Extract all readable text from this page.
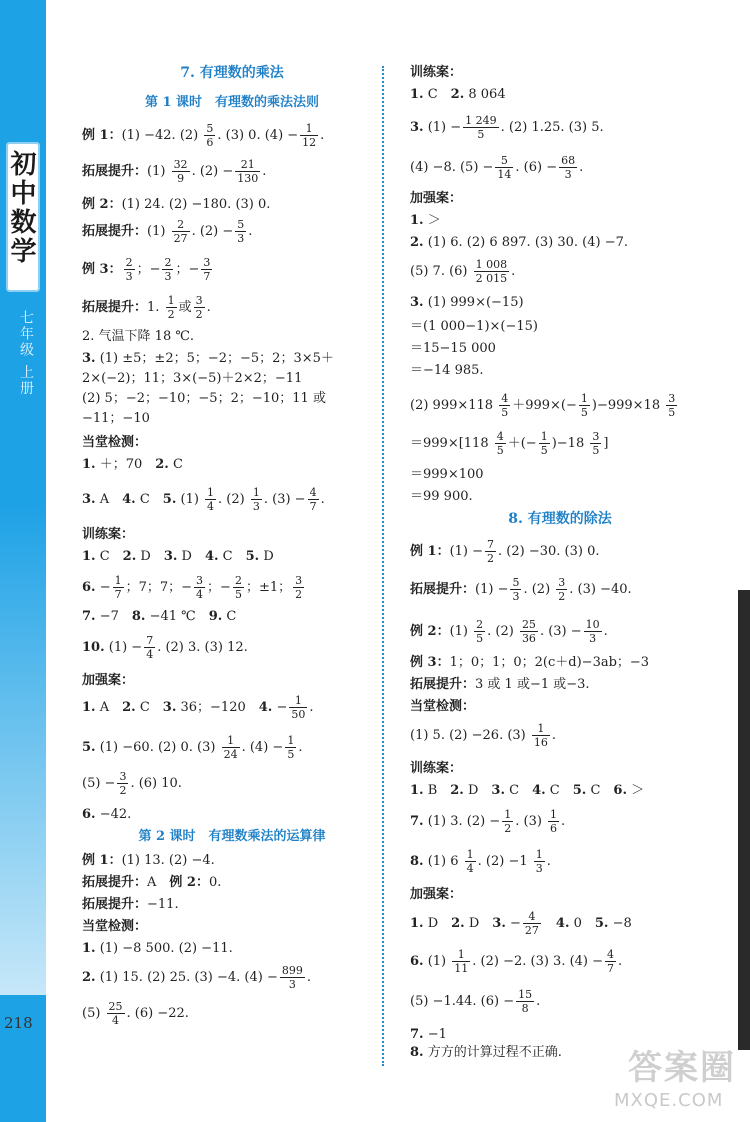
初中数学
七年级 上册
218
7. 有理数的乘法
第 1 课时　有理数的乘法法则
例 1：(1) −42. $(2) \frac{5}{6}$ . (3) 0. $(4) - \frac{1}{12}$ .
拓展提升：$(1) \frac{32}{9}$ . $(2) - \frac{21}{130}$ .
例 2：(1) 24. (2) −180. (3) 0.
拓展提升：$(1) \frac{2}{27}$ . $(2) - \frac{5}{3}$ .
例 3： $\frac{2}{3}$ ；− $\frac{2}{3}$ ；− $\frac{3}{7}$
拓展提升：1. $\frac{1}{2}$ 或 $\frac{3}{2}$ .
2. 气温下降 18 ℃.
3. (1) ±5；±2；5；−2；−5；2；3×5＋
2×(−2)；11；3×(−5)＋2×2；−11
(2) 5；−2；−10；−5；2；−10；11 或
−11；−10
当堂检测：
1. ＋；70　2. C
3. A　4. C　5. $(1) \frac{1}{4}$ . $(2) \frac{1}{3}$ . $(3) - \frac{4}{7}$ .
训练案：
1. C　2. D　3. D　4. C　5. D
6. − $\frac{1}{7}$ ；7；7；− $\frac{3}{4}$ ；− $\frac{2}{5}$ ；±1； $\frac{3}{2}$
7. −7　8. −41 ℃　9. C
10. $(1) - \frac{7}{4}$ . (2) 3. (3) 12.
加强案：
1. A　2. C　3. 36；−120　4. − $\frac{1}{50}$ .
5. (1) −60. (2) 0. $(3) \frac{1}{24}$ . $(4) - \frac{1}{5}$ .
$(5) - \frac{3}{2}$ . (6) 10.
6. −42.
第 2 课时　有理数乘法的运算律
例 1：(1) 13. (2) −4.
拓展提升：A　例 2：0.
拓展提升：−11.
当堂检测：
1. (1) −8 500. (2) −11.
2. (1) 15. (2) 25. (3) −4. $(4) - \frac{899}{3}$ .
$(5) \frac{25}{4}$ . (6) −22.
训练案：
1. C　2. 8 064
3. $(1) - \frac{1 249}{5}$ . (2) 1.25. (3) 5.
(4) −8. $(5) - \frac{5}{14}$ . $(6) - \frac{68}{3}$ .
加强案：
1. ＞
2. (1) 6. (2) 6 897. (3) 30. (4) −7.
(5) 7. $(6) \frac{1 008}{2 015}$ .
3. (1) 999×(−15)
＝(1 000−1)×(−15)
＝15−15 000
＝−14 985.
(2) $999\times 118 \frac{4}{5} +999\times(- \frac{1}{5} )-999\times 18 \frac{3}{5}$
$=999\times[118 \frac{4}{5}$ ＋(− $\frac{1}{5} )-18 \frac{3}{5}$ ]
＝999×100
＝99 900.
8. 有理数的除法
例 1：$(1) - \frac{7}{2}$ . (2) −30. (3) 0.
拓展提升：$(1) - \frac{5}{3}$ . $(2) \frac{3}{2}$ . (3) −40.
例 2：$(1) \frac{2}{5}$ . $(2) \frac{25}{36}$ . $(3) - \frac{10}{3}$ .
例 3：1；0；1；0；2(c＋d)−3ab；−3
拓展提升：3 或 1 或−1 或−3.
当堂检测：
(1) 5. (2) −26. $(3) \frac{1}{16}$ .
训练案：
1. B　2. D　3. C　4. C　5. C　6. ＞
7. (1) 3. $(2) - \frac{1}{2}$ . $(3) \frac{1}{6}$ .
8. (1) $6 \frac{1}{4}$ . $(2) -1 \frac{1}{3}$ .
加强案：
1. D　2. D　3. − $\frac{4}{27}$
　 4. 0　5. −8
6. $(1) \frac{1}{11}$ . (2) −2. (3) 3. $(4) - \frac{4}{7}$ .
(5) −1.44. $(6) - \frac{15}{8}$ .
7. −1
8. 方方的计算过程不正确. 答案圈
MXQE.COM
